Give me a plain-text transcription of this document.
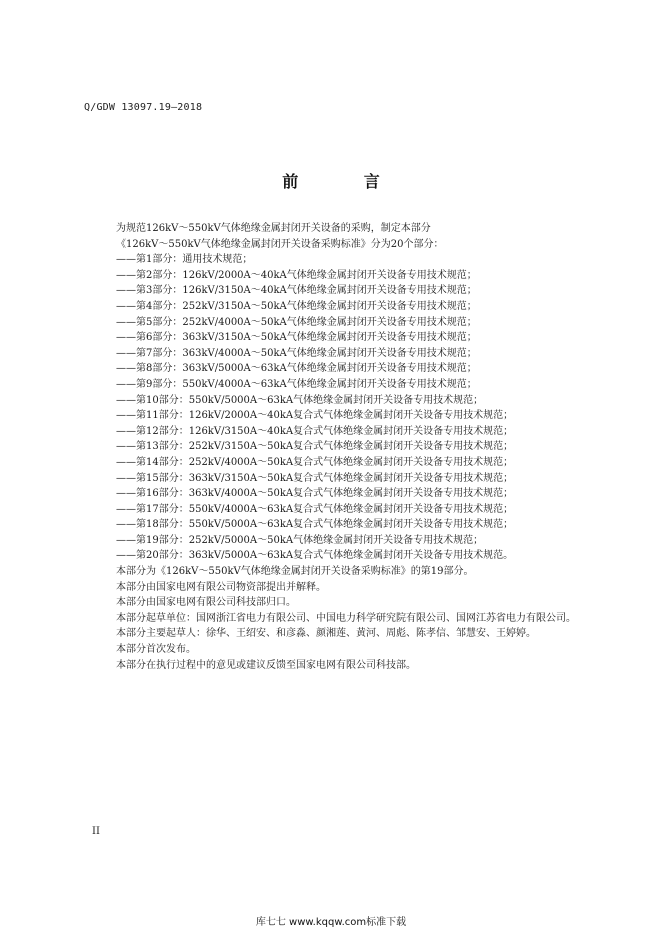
Q/GDW 13097.19—2018
前 言
为规范126kV～550kV气体绝缘金属封闭开关设备的采购，制定本部分
《126kV～550kV气体绝缘金属封闭开关设备采购标准》分为20个部分：
——第1部分：通用技术规范；
——第2部分：126kV/2000A～40kA气体绝缘金属封闭开关设备专用技术规范；
——第3部分：126kV/3150A～40kA气体绝缘金属封闭开关设备专用技术规范；
——第4部分：252kV/3150A～50kA气体绝缘金属封闭开关设备专用技术规范；
——第5部分：252kV/4000A～50kA气体绝缘金属封闭开关设备专用技术规范；
——第6部分：363kV/3150A～50kA气体绝缘金属封闭开关设备专用技术规范；
——第7部分：363kV/4000A～50kA气体绝缘金属封闭开关设备专用技术规范；
——第8部分：363kV/5000A～63kA气体绝缘金属封闭开关设备专用技术规范；
——第9部分：550kV/4000A～63kA气体绝缘金属封闭开关设备专用技术规范；
——第10部分：550kV/5000A～63kA气体绝缘金属封闭开关设备专用技术规范；
——第11部分：126kV/2000A～40kA复合式气体绝缘金属封闭开关设备专用技术规范；
——第12部分：126kV/3150A～40kA复合式气体绝缘金属封闭开关设备专用技术规范；
——第13部分：252kV/3150A～50kA复合式气体绝缘金属封闭开关设备专用技术规范；
——第14部分：252kV/4000A～50kA复合式气体绝缘金属封闭开关设备专用技术规范；
——第15部分：363kV/3150A～50kA复合式气体绝缘金属封闭开关设备专用技术规范；
——第16部分：363kV/4000A～50kA复合式气体绝缘金属封闭开关设备专用技术规范；
——第17部分：550kV/4000A～63kA复合式气体绝缘金属封闭开关设备专用技术规范；
——第18部分：550kV/5000A～63kA复合式气体绝缘金属封闭开关设备专用技术规范；
——第19部分：252kV/5000A～50kA气体绝缘金属封闭开关设备专用技术规范；
——第20部分：363kV/5000A～63kA复合式气体绝缘金属封闭开关设备专用技术规范。
本部分为《126kV～550kV气体绝缘金属封闭开关设备采购标准》的第19部分。
本部分由国家电网有限公司物资部提出并解释。
本部分由国家电网有限公司科技部归口。
本部分起草单位：国网浙江省电力有限公司、中国电力科学研究院有限公司、国网江苏省电力有限公司。
本部分主要起草人：徐华、王绍安、和彦淼、颜湘莲、黄河、周彪、陈孝信、邹慧安、王婷婷。
本部分首次发布。
本部分在执行过程中的意见或建议反馈至国家电网有限公司科技部。
II
库七七 www.kqqw.com标准下载
